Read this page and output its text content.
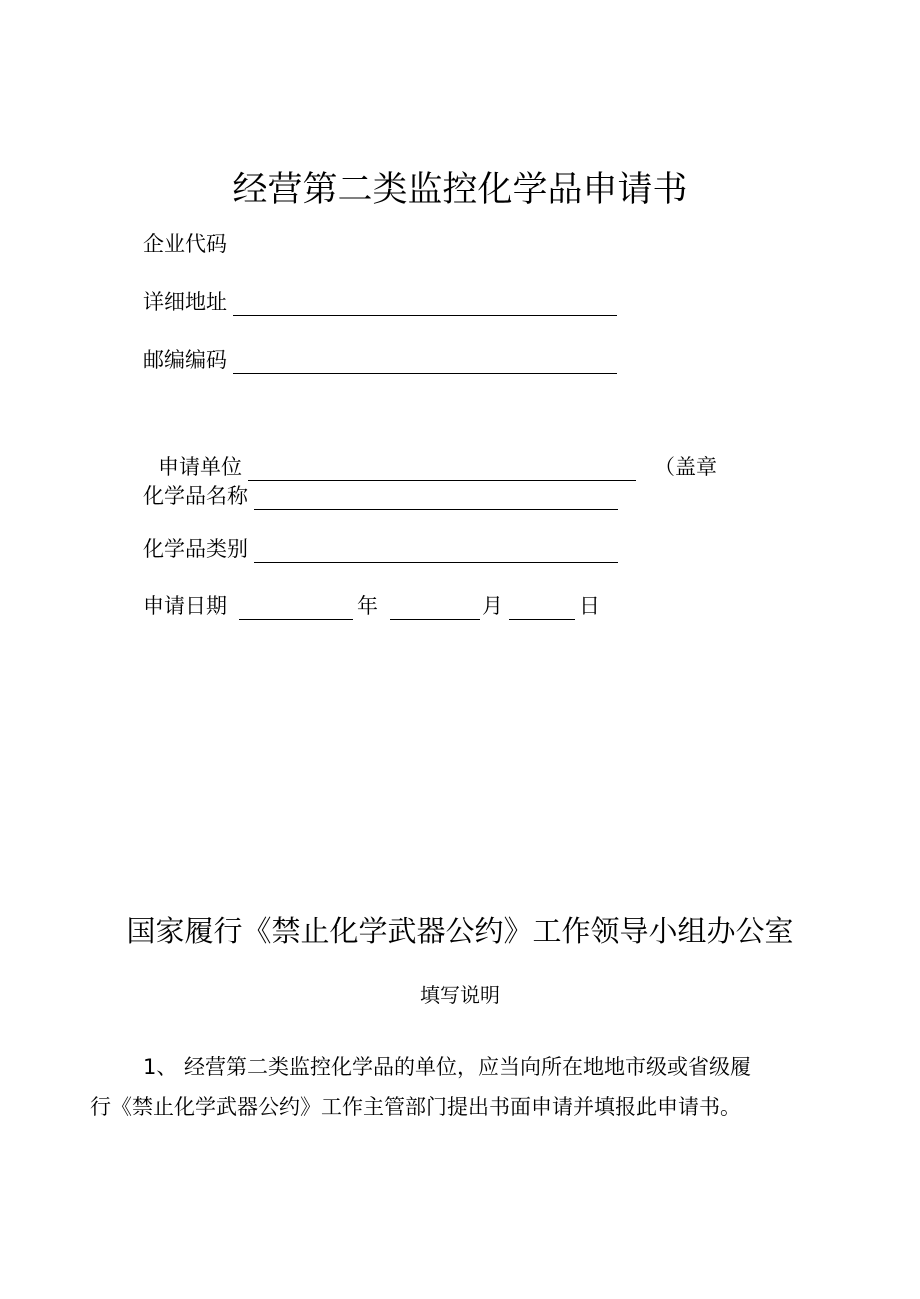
经营第二类监控化学品申请书
企业代码
详细地址
邮编编码
申请单位	（盖章
化学品名称
化学品类别
申请日期	年	月	日
国家履行《禁止化学武器公约》工作领导小组办公室
填写说明
1、 经营第二类监控化学品的单位，应当向所在地地市级或省级履
行《禁止化学武器公约》工作主管部门提出书面申请并填报此申请书。
